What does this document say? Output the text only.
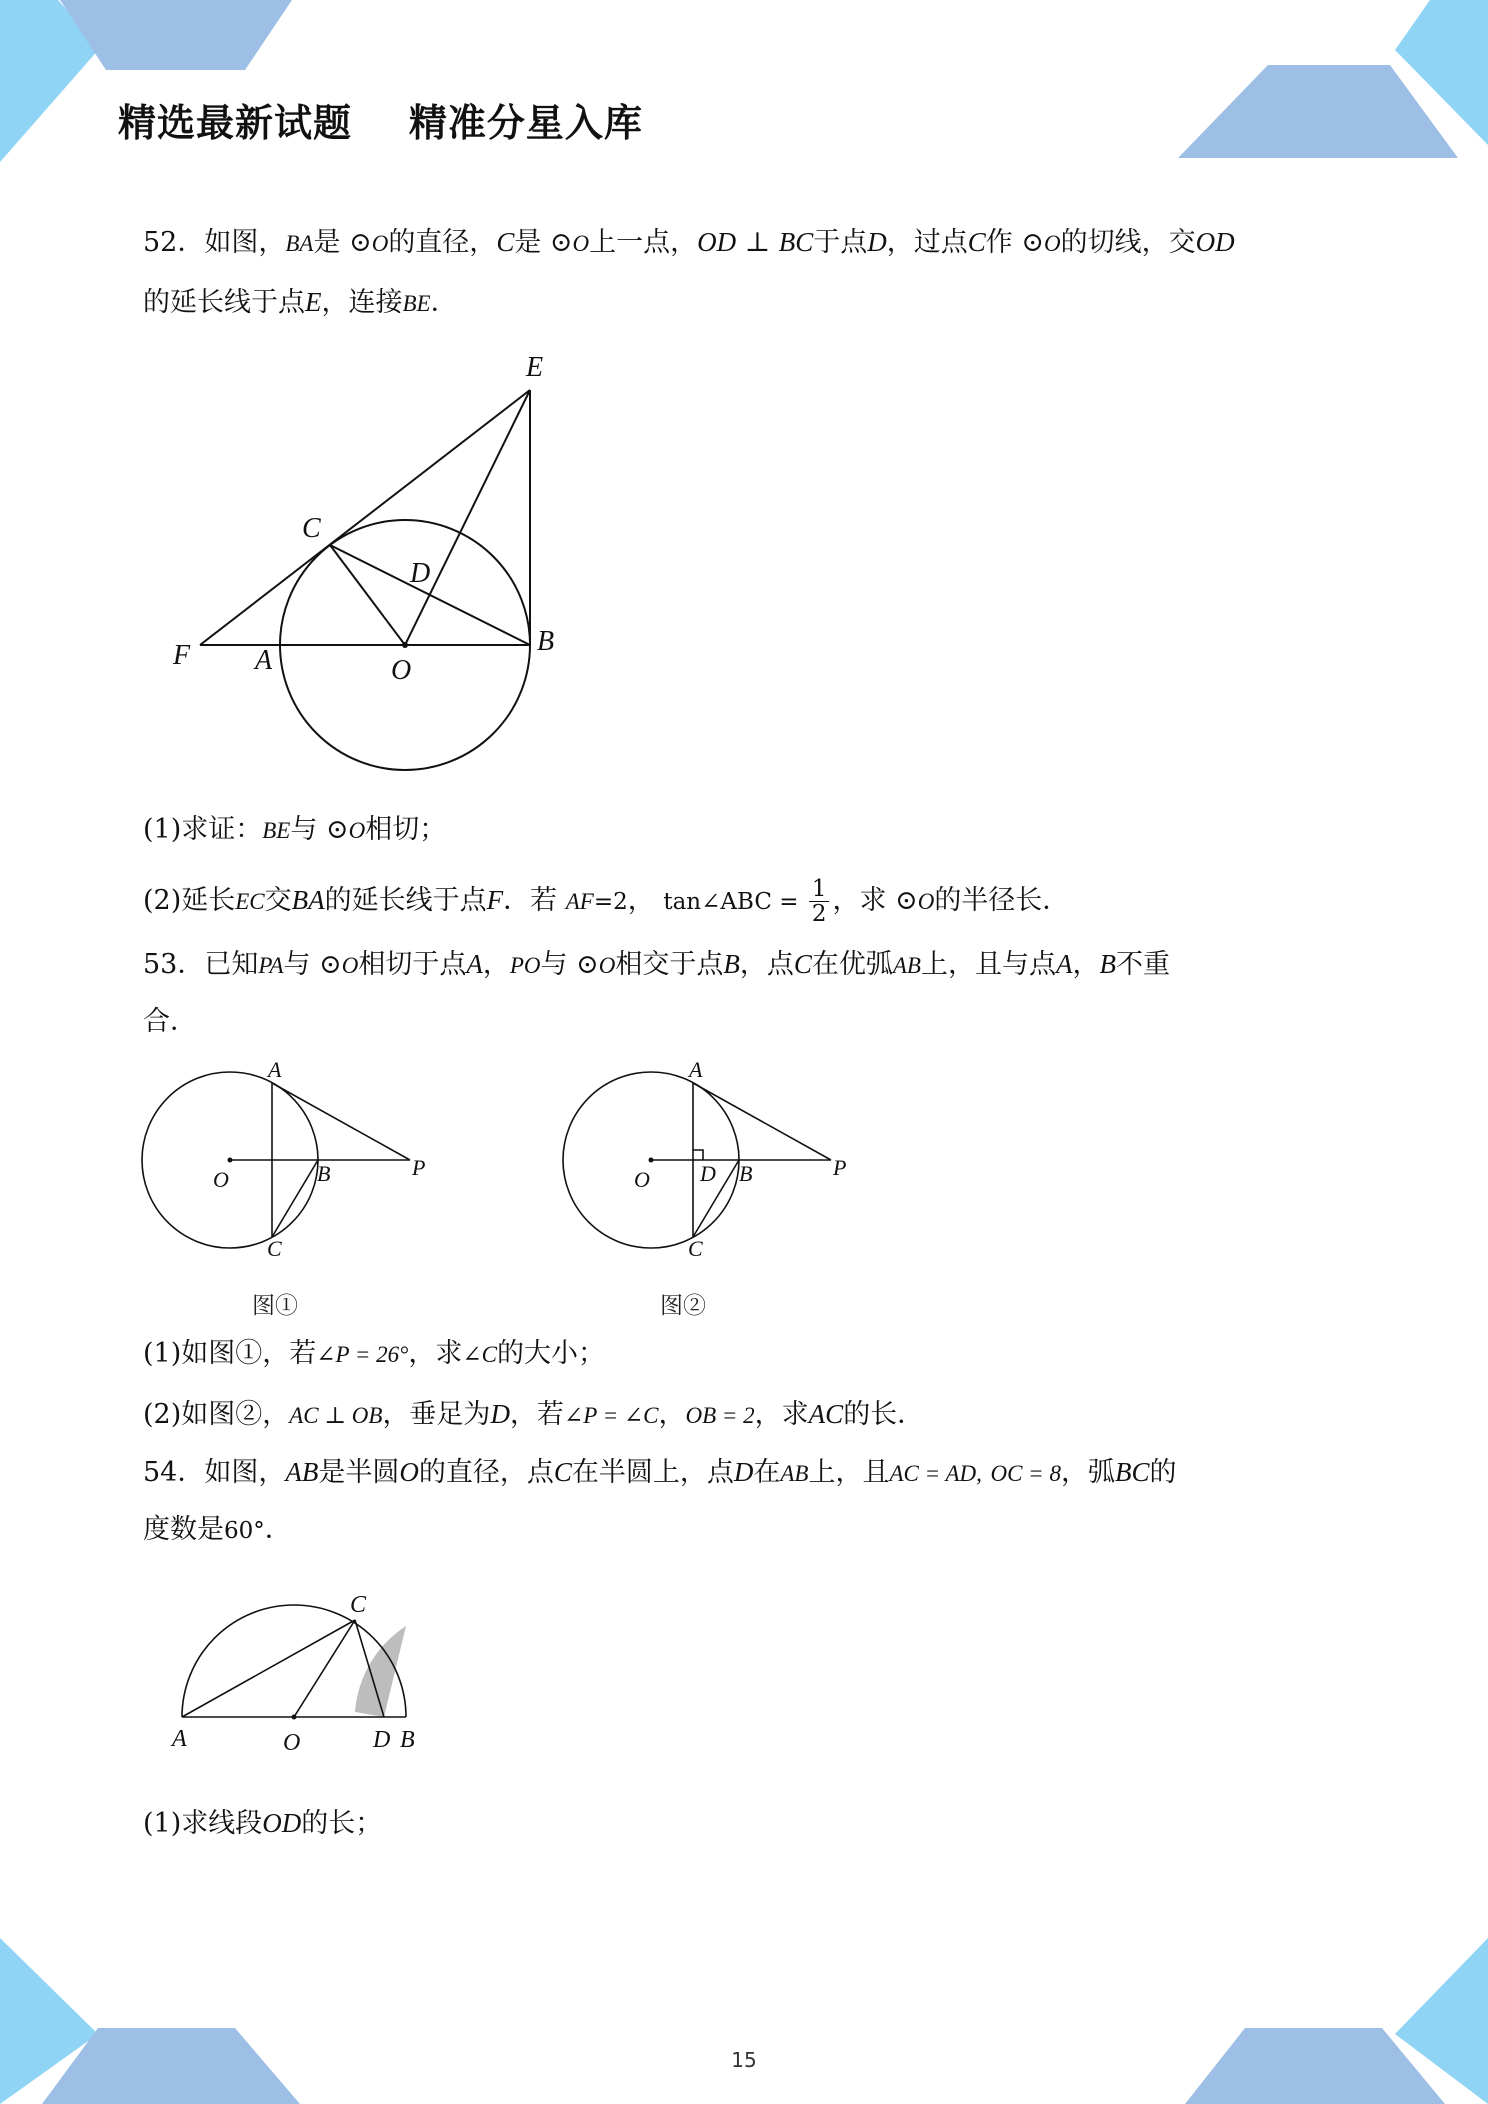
精选最新试题    精准分星入库
52．如图，BA是 ⊙O的直径，C是 ⊙O上一点，OD ⊥ BC于点D，过点C作 ⊙O的切线，交OD
的延长线于点E，连接BE．
E
C
D
F A	O
B
(1)求证：BE与 ⊙O相切；
(2)延长EC交BA的延长线于点F．若 AF=2， tan∠ABC = $\frac{1}{2}$ ，求 ⊙O的半径长．
53．已知PA与 ⊙O相切于点A，PO与 ⊙O相交于点B，点C在优弧AB上，且与点A，B不重
合．
A
O	B	P
C
图①
A
O D B	P
C
图②
(1)如图①，若∠P = 26°，求∠C的大小；
(2)如图②，AC ⊥ OB，垂足为D，若∠P = ∠C，OB = 2，求AC的长．
54．如图，AB是半圆O的直径，点C在半圆上，点D在AB上，且AC = AD, OC = 8，弧BC的
度数是60°．
C
A	O	D B
(1)求线段OD的长；
15
